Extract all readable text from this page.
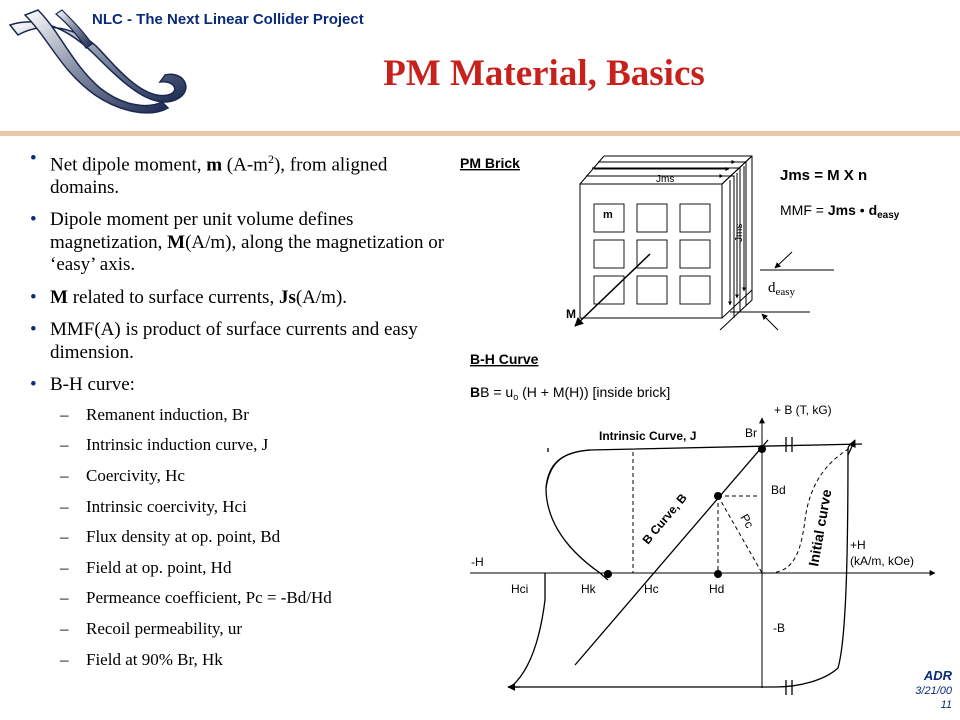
NLC - The Next Linear Collider Project
PM Material, Basics
• Net dipole moment, m $(A-m^2)$, from aligned domains.
• Dipole moment per unit volume defines magnetization, M(A/m), along the magnetization or ‘easy’ axis.
• M related to surface currents, Js(A/m).
• MMF(A) is product of surface currents and easy dimension.
• B-H curve:
– Remanent induction, Br
– Intrinsic induction curve, J
– Coercivity, Hc
– Intrinsic coercivity, Hci
– Flux density at op. point, Bd
– Field at op. point, Hd
– Permeance coefficient, Pc = -Bd/Hd
– Recoil permeability, ur
– Field at 90% Br, Hk
PM Brick
Jms
Jms
m
M
Jms = M X n
MMF = Jms • $d_{easy}$
$d_{easy}$
B-H Curve
BB = $u_o$ (H + M(H)) [inside brick]
+ B (T, kG)
-B
+H
(kA/m, kOe)
-H
Intrinsic Curve, J	Br
Bd
B Curve, B	Pc	Initial curve
Hci	Hk	Hc	Hd
ADR
3/21/00
11
